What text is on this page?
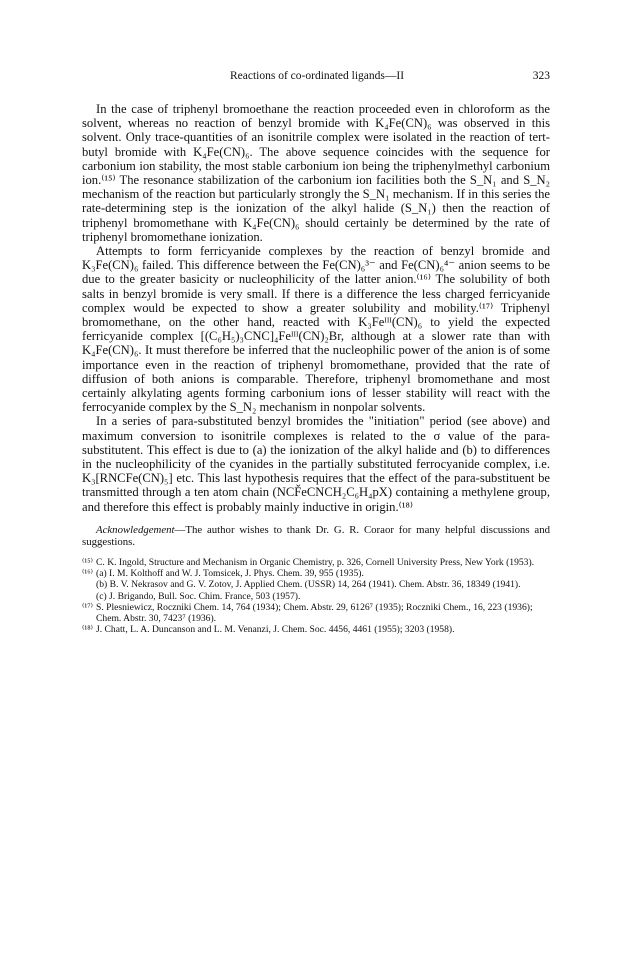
Reactions of co-ordinated ligands—II	323

In the case of triphenyl bromoethane the reaction proceeded even in chloroform as the solvent, whereas no reaction of benzyl bromide with K₄Fe(CN)₆ was observed in this solvent. Only trace-quantities of an isonitrile complex were isolated in the reaction of tert-butyl bromide with K₄Fe(CN)₆. The above sequence coincides with the sequence for carbonium ion stability, the most stable carbonium ion being the triphenylmethyl carbonium ion.⁽¹⁵⁾ The resonance stabilization of the carbonium ion facilities both the S_N₁ and S_N₂ mechanism of the reaction but particularly strongly the S_N₁ mechanism. If in this series the rate-determining step is the ionization of the alkyl halide (S_N₁) then the reaction of triphenyl bromomethane with K₄Fe(CN)₆ should certainly be determined by the rate of triphenyl bromomethane ionization.

Attempts to form ferricyanide complexes by the reaction of benzyl bromide and K₃Fe(CN)₆ failed. This difference between the Fe(CN)₆³⁻ and Fe(CN)₆⁴⁻ anion seems to be due to the greater basicity or nucleophilicity of the latter anion.⁽¹⁶⁾ The solubility of both salts in benzyl bromide is very small. If there is a difference the less charged ferricyanide complex would be expected to show a greater solubility and mobility.⁽¹⁷⁾ Triphenyl bromomethane, on the other hand, reacted with K₃Feᴵᴵᴵ(CN)₆ to yield the expected ferricyanide complex [(C₆H₅)₃CNC]₄Feᴵᴵᴵ(CN)₂Br, although at a slower rate than with K₄Fe(CN)₆. It must therefore be inferred that the nucleophilic power of the anion is of some importance even in the reaction of triphenyl bromomethane, provided that the rate of diffusion of both anions is comparable. Therefore, triphenyl bromomethane and most certainly alkylating agents forming carbonium ions of lesser stability will react with the ferrocyanide complex by the S_N₂ mechanism in nonpolar solvents.

In a series of para-substituted benzyl bromides the "initiation" period (see above) and maximum conversion to isonitrile complexes is related to the σ value of the para-substitutent. This effect is due to (a) the ionization of the alkyl halide and (b) to differences in the nucleophilicity of the cyanides in the partially substituted ferrocyanide complex, i.e. K₃[RNCFe(CN)₅] etc. This last hypothesis requires that the effect of the para-substituent be transmitted through a ten atom chain (NCF̌eCNCH₂C₆H₄pX) containing a methylene group, and therefore this effect is probably mainly inductive in origin.⁽¹⁸⁾

Acknowledgement—The author wishes to thank Dr. G. R. Coraor for many helpful discussions and suggestions.

⁽¹⁵⁾ C. K. Ingold, Structure and Mechanism in Organic Chemistry, p. 326, Cornell University Press, New York (1953).
⁽¹⁶⁾ (a) I. M. Kolthoff and W. J. Tomsicek, J. Phys. Chem. 39, 955 (1935).
(b) B. V. Nekrasov and G. V. Zotov, J. Applied Chem. (USSR) 14, 264 (1941). Chem. Abstr. 36, 18349 (1941).
(c) J. Brigando, Bull. Soc. Chim. France, 503 (1957).
⁽¹⁷⁾ S. Plesniewicz, Roczniki Chem. 14, 764 (1934); Chem. Abstr. 29, 6126⁷ (1935); Roczniki Chem., 16, 223 (1936); Chem. Abstr. 30, 7423⁷ (1936).
⁽¹⁸⁾ J. Chatt, L. A. Duncanson and L. M. Venanzi, J. Chem. Soc. 4456, 4461 (1955); 3203 (1958).
